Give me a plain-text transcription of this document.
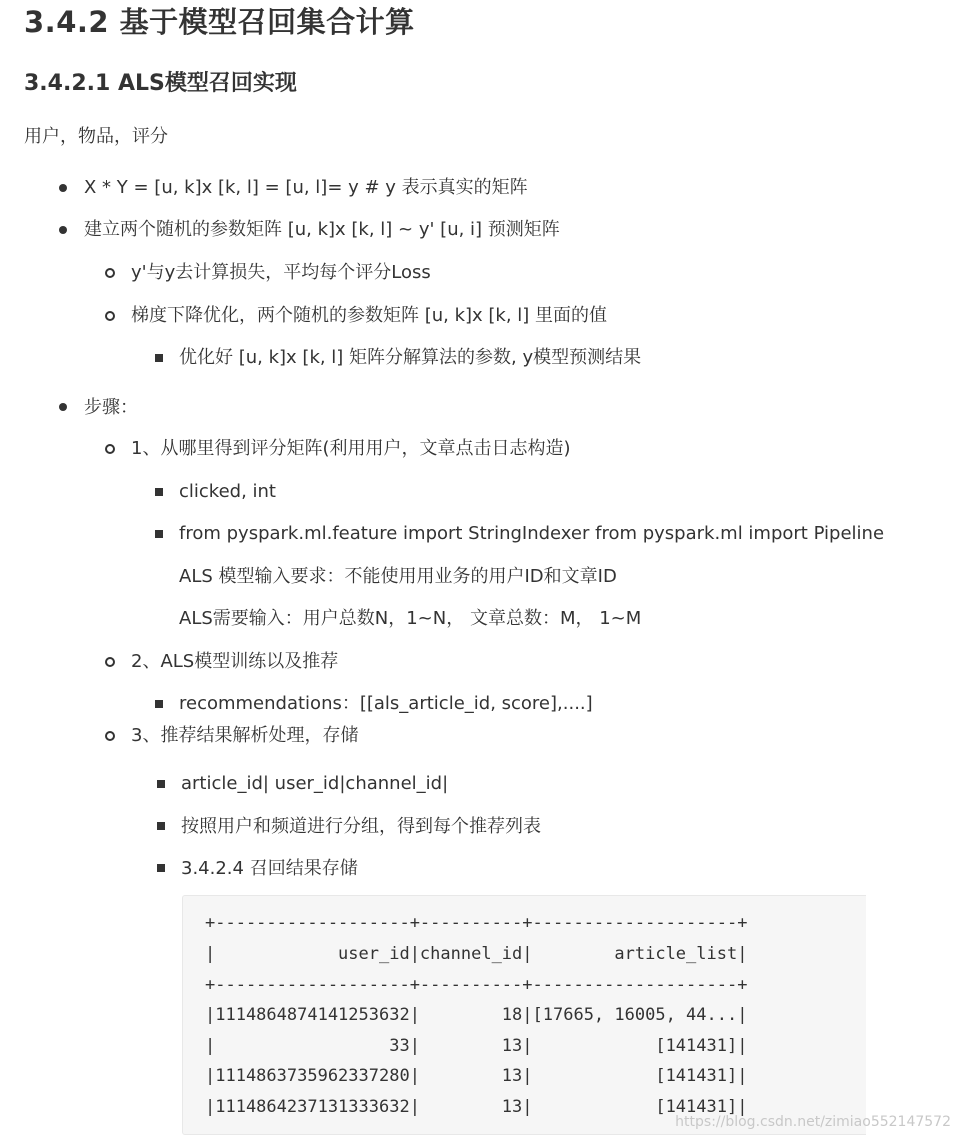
3.4.2 基于模型召回集合计算
3.4.2.1 ALS模型召回实现
用户，物品，评分
X * Y = [u, k]x [k, l] = [u, l]= y # y 表示真实的矩阵
建立两个随机的参数矩阵 [u, k]x [k, l] ~ y' [u, i] 预测矩阵
y'与y去计算损失，平均每个评分Loss
梯度下降优化，两个随机的参数矩阵 [u, k]x [k, l] 里面的值
优化好 [u, k]x [k, l] 矩阵分解算法的参数, y模型预测结果
步骤：
1、从哪里得到评分矩阵(利用用户，文章点击日志构造)
clicked, int
from pyspark.ml.feature import StringIndexer from pyspark.ml import Pipeline
ALS 模型输入要求：不能使用用业务的用户ID和文章ID
ALS需要输入：用户总数N，1~N， 文章总数：M， 1~M
2、ALS模型训练以及推荐
recommendations：[[als_article_id, score],....]
3、推荐结果解析处理，存储
article_id| user_id|channel_id|
按照用户和频道进行分组，得到每个推荐列表
3.4.2.4 召回结果存储
+-------------------+----------+--------------------+
|            user_id|channel_id|        article_list|
+-------------------+----------+--------------------+
|1114864874141253632|        18|[17665, 16005, 44...|
|                 33|        13|            [141431]|
|1114863735962337280|        13|            [141431]|
|1114864237131333632|        13|            [141431]|
https://blog.csdn.net/zimiao552147572
